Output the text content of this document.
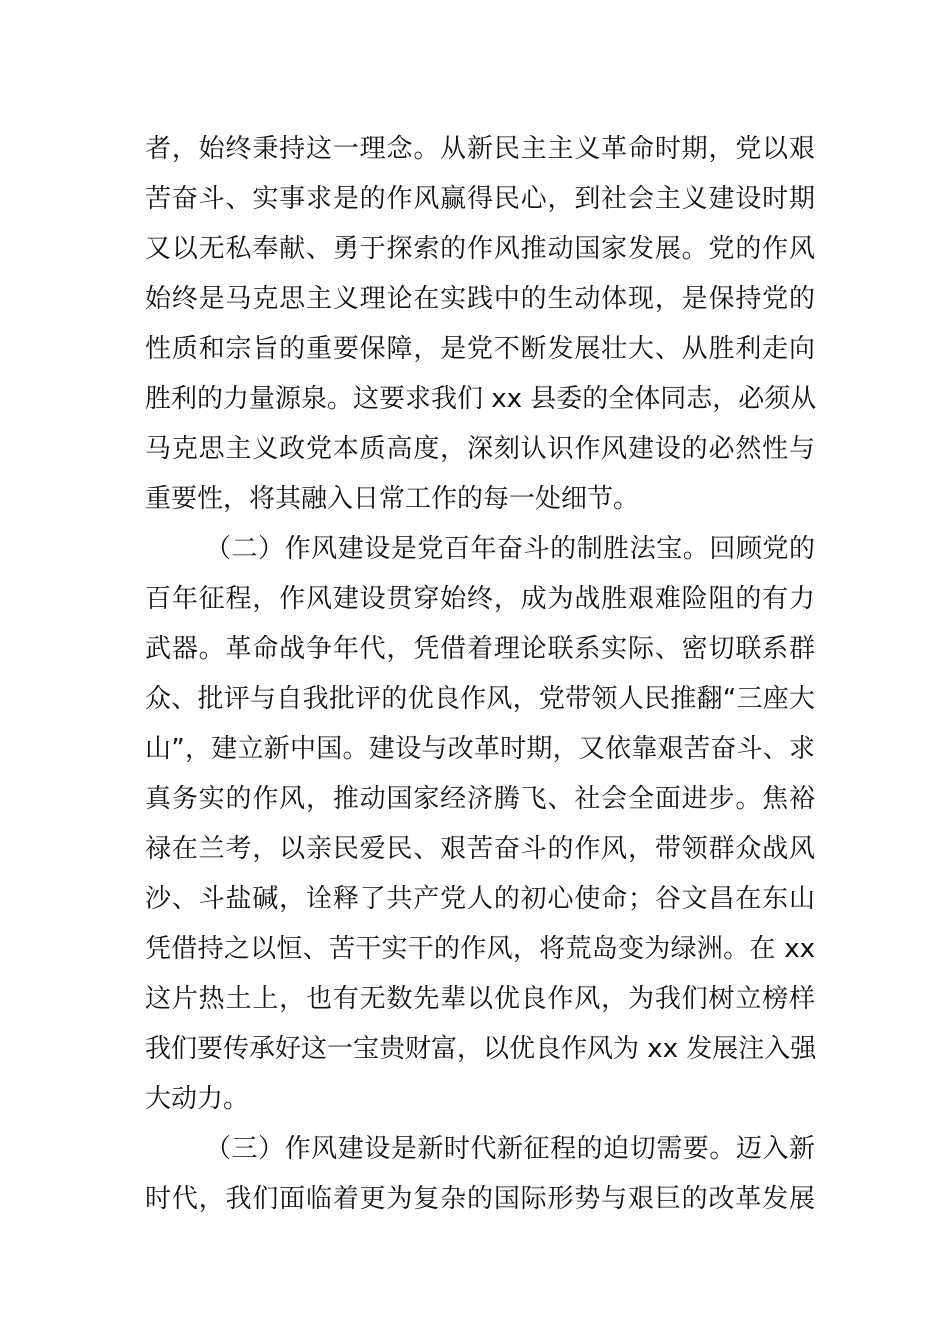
者，始终秉持这一理念。从新民主主义革命时期，党以艰
苦奋斗、实事求是的作风赢得民心，到社会主义建设时期
又以无私奉献、勇于探索的作风推动国家发展。党的作风
始终是马克思主义理论在实践中的生动体现，是保持党的
性质和宗旨的重要保障，是党不断发展壮大、从胜利走向
胜利的力量源泉。这要求我们 xx 县委的全体同志，必须从
马克思主义政党本质高度，深刻认识作风建设的必然性与
重要性，将其融入日常工作的每一处细节。
（二）作风建设是党百年奋斗的制胜法宝。回顾党的
百年征程，作风建设贯穿始终，成为战胜艰难险阻的有力
武器。革命战争年代，凭借着理论联系实际、密切联系群
众、批评与自我批评的优良作风，党带领人民推翻“三座大
山”，建立新中国。建设与改革时期，又依靠艰苦奋斗、求
真务实的作风，推动国家经济腾飞、社会全面进步。焦裕
禄在兰考，以亲民爱民、艰苦奋斗的作风，带领群众战风
沙、斗盐碱，诠释了共产党人的初心使命；谷文昌在东山
凭借持之以恒、苦干实干的作风，将荒岛变为绿洲。在 xx
这片热土上，也有无数先辈以优良作风，为我们树立榜样
我们要传承好这一宝贵财富，以优良作风为 xx 发展注入强
大动力。
（三）作风建设是新时代新征程的迫切需要。迈入新
时代，我们面临着更为复杂的国际形势与艰巨的改革发展
